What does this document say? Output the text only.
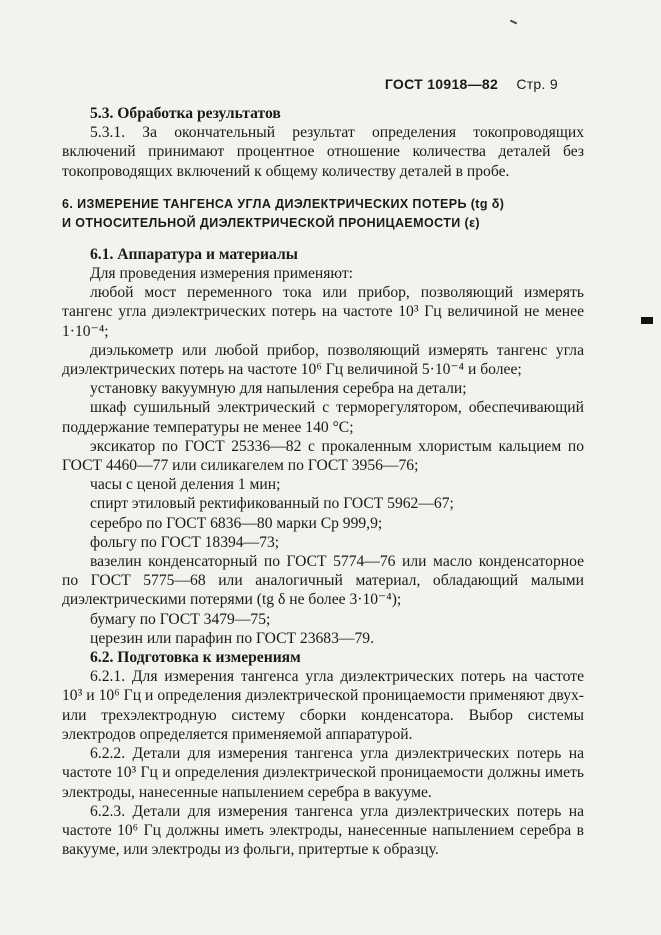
ГОСТ 10918—82 Стр. 9

5.3. Обработка результатов

5.3.1. За окончательный результат определения токопроводящих включений принимают процентное отношение количества деталей без токопроводящих включений к общему количеству деталей в пробе.

6. ИЗМЕРЕНИЕ ТАНГЕНСА УГЛА ДИЭЛЕКТРИЧЕСКИХ ПОТЕРЬ (tg δ)

И ОТНОСИТЕЛЬНОЙ ДИЭЛЕКТРИЧЕСКОЙ ПРОНИЦАЕМОСТИ (ε)

6.1. Аппаратура и материалы

Для проведения измерения применяют:

любой мост переменного тока или прибор, позволяющий измерять тангенс угла диэлектрических потерь на частоте 10³ Гц величиной не менее 1·10⁻⁴;

диэлькометр или любой прибор, позволяющий измерять тангенс угла диэлектрических потерь на частоте 10⁶ Гц величиной 5·10⁻⁴ и более;

установку вакуумную для напыления серебра на детали;

шкаф сушильный электрический с терморегулятором, обеспечивающий поддержание температуры не менее 140 °С;

эксикатор по ГОСТ 25336—82 с прокаленным хлористым кальцием по ГОСТ 4460—77 или силикагелем по ГОСТ 3956—76;

часы с ценой деления 1 мин;

спирт этиловый ректификованный по ГОСТ 5962—67;

серебро по ГОСТ 6836—80 марки Ср 999,9;

фольгу по ГОСТ 18394—73;

вазелин конденсаторный по ГОСТ 5774—76 или масло конденсаторное по ГОСТ 5775—68 или аналогичный материал, обладающий малыми диэлектрическими потерями (tg δ не более 3·10⁻⁴);

бумагу по ГОСТ 3479—75;

церезин или парафин по ГОСТ 23683—79.

6.2. Подготовка к измерениям

6.2.1. Для измерения тангенса угла диэлектрических потерь на частоте 10³ и 10⁶ Гц и определения диэлектрической проницаемости применяют двух- или трехэлектродную систему сборки конденсатора. Выбор системы электродов определяется применяемой аппаратурой.

6.2.2. Детали для измерения тангенса угла диэлектрических потерь на частоте 10³ Гц и определения диэлектрической проницаемости должны иметь электроды, нанесенные напылением серебра в вакууме.

6.2.3. Детали для измерения тангенса угла диэлектрических потерь на частоте 10⁶ Гц должны иметь электроды, нанесенные напылением серебра в вакууме, или электроды из фольги, притертые к образцу.
